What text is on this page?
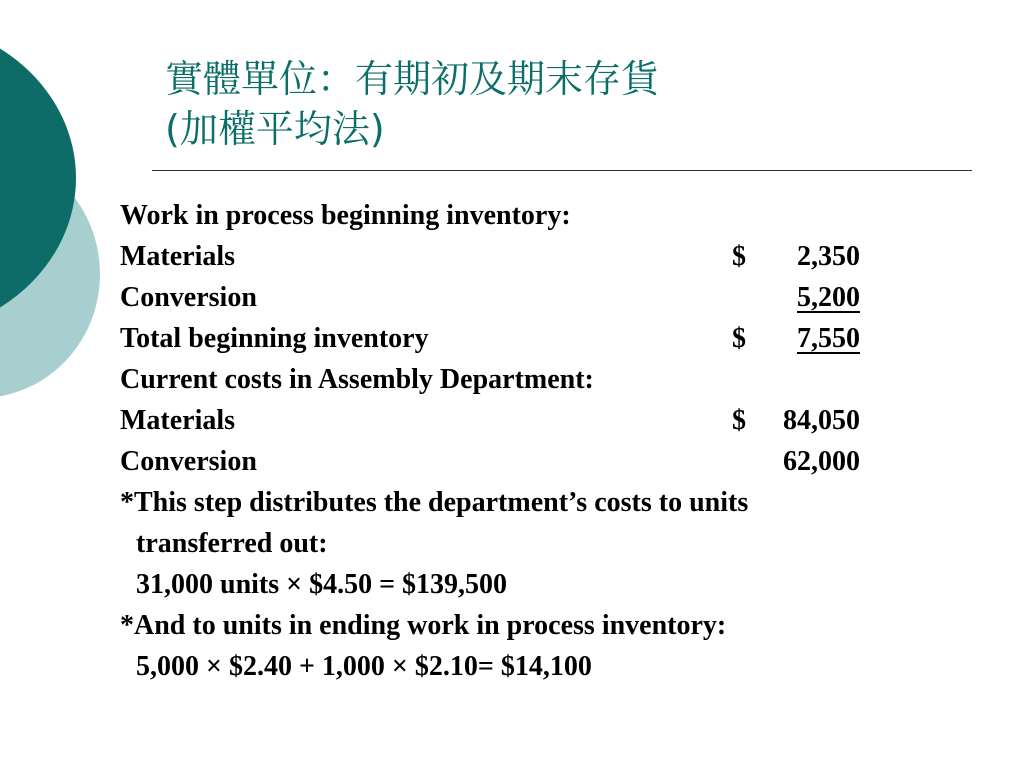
實體單位：有期初及期末存貨
(加權平均法)
Work in process beginning inventory:
Materials	$ 2,350
Conversion	5,200
Total beginning inventory	$ 7,550
Current costs in Assembly Department:
Materials	$ 84,050
Conversion	62,000
*This step distributes the department’s costs to units
transferred out:
31,000 units × $4.50 = $139,500
*And to units in ending work in process inventory:
5,000 × $2.40 + 1,000 × $2.10= $14,100
